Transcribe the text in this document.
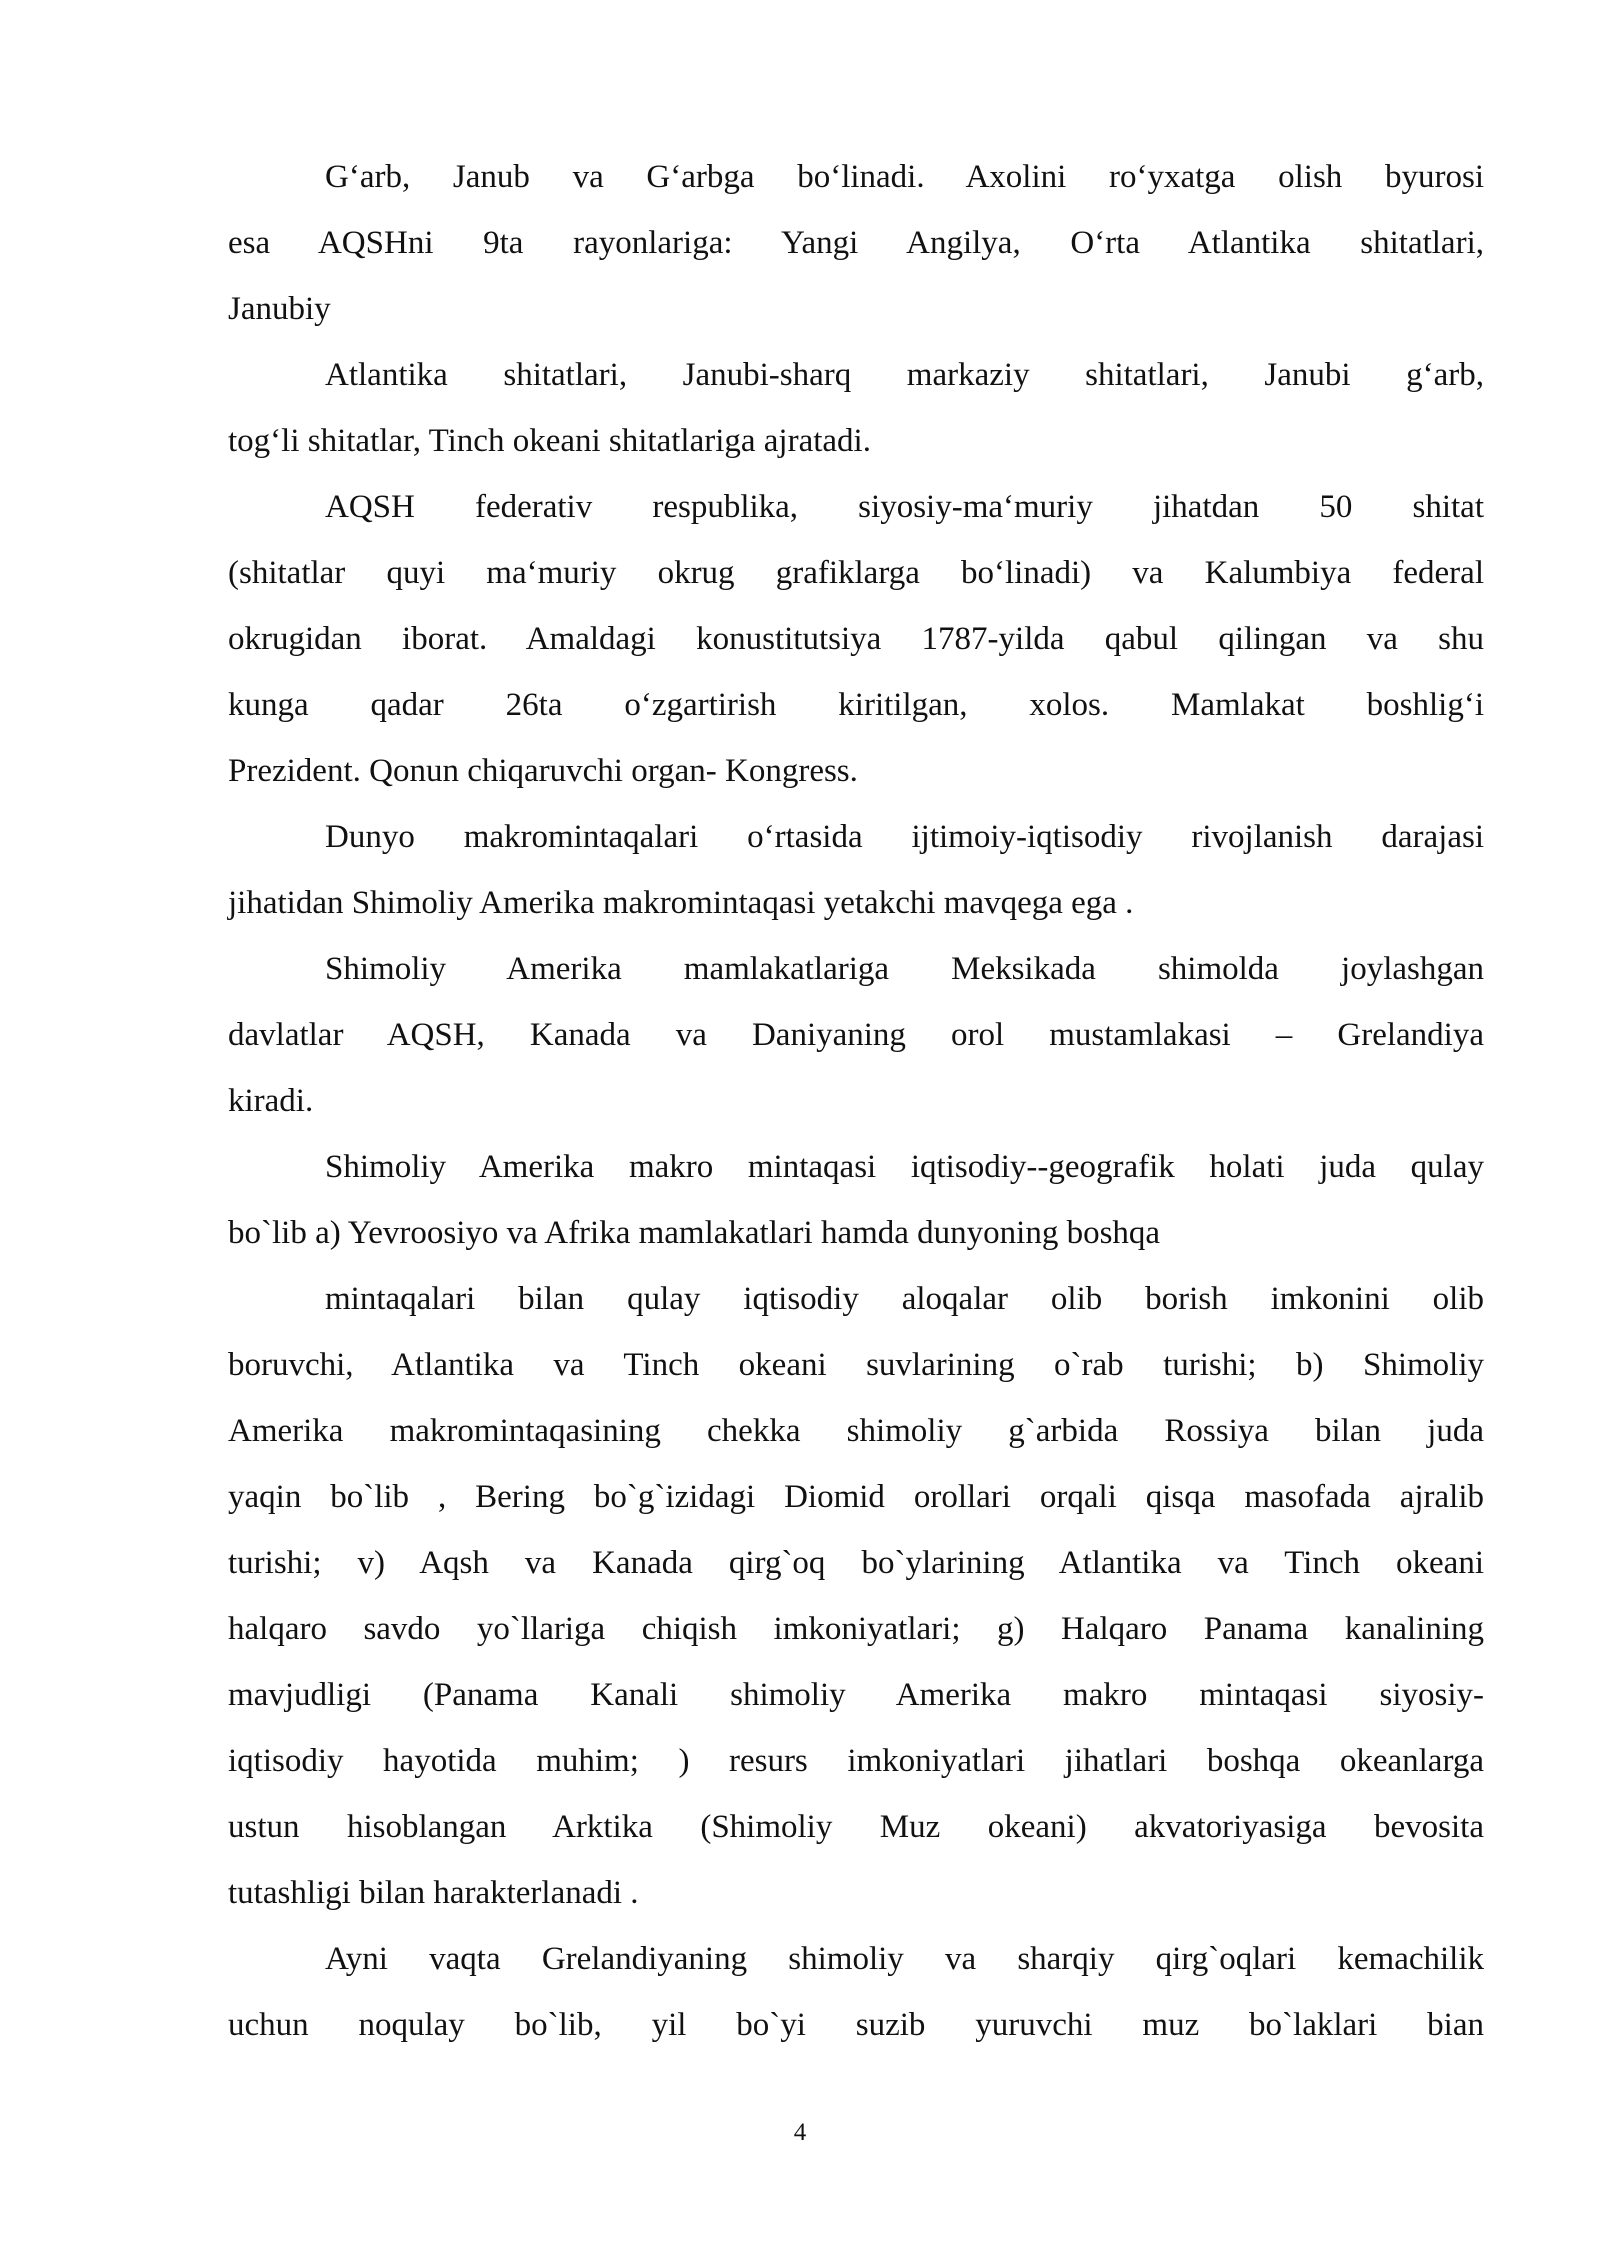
G‘arb, Janub va G‘arbga bo‘linadi. Axolini ro‘yxatga olish byurosi
esa AQSHni 9ta rayonlariga: Yangi Angilya, O‘rta Atlantika shitatlari,
Janubiy
Atlantika shitatlari, Janubi-sharq markaziy shitatlari, Janubi g‘arb,
tog‘li shitatlar, Tinch okeani shitatlariga ajratadi.
AQSH federativ respublika, siyosiy-ma‘muriy jihatdan 50 shitat
(shitatlar quyi ma‘muriy okrug grafiklarga bo‘linadi) va Kalumbiya federal
okrugidan iborat. Amaldagi konustitutsiya 1787-yilda qabul qilingan va shu
kunga qadar 26ta o‘zgartirish kiritilgan, xolos. Mamlakat boshlig‘i
Prezident. Qonun chiqaruvchi organ- Kongress.
Dunyo makromintaqalari o‘rtasida ijtimoiy-iqtisodiy rivojlanish darajasi
jihatidan Shimoliy Amerika makromintaqasi yetakchi mavqega ega .
Shimoliy Amerika mamlakatlariga Meksikada shimolda joylashgan
davlatlar AQSH, Kanada va Daniyaning orol mustamlakasi – Grelandiya
kiradi.
Shimoliy Amerika makro mintaqasi iqtisodiy--geografik holati juda qulay
bo`lib a) Yevroosiyo va Afrika mamlakatlari hamda dunyoning boshqa
mintaqalari bilan qulay iqtisodiy aloqalar olib borish imkonini olib
boruvchi, Atlantika va Tinch okeani suvlarining o`rab turishi; b) Shimoliy
Amerika makromintaqasining chekka shimoliy g`arbida Rossiya bilan juda
yaqin bo`lib , Bering bo`g`izidagi Diomid orollari orqali qisqa masofada ajralib
turishi; v) Aqsh va Kanada qirg`oq bo`ylarining Atlantika va Tinch okeani
halqaro savdo yo`llariga chiqish imkoniyatlari; g) Halqaro Panama kanalining
mavjudligi (Panama Kanali shimoliy Amerika makro mintaqasi siyosiy-
iqtisodiy hayotida muhim; ) resurs imkoniyatlari jihatlari boshqa okeanlarga
ustun hisoblangan Arktika (Shimoliy Muz okeani) akvatoriyasiga bevosita
tutashligi bilan harakterlanadi .
Ayni vaqta Grelandiyaning shimoliy va sharqiy qirg`oqlari kemachilik
uchun noqulay bo`lib, yil bo`yi suzib yuruvchi muz bo`laklari bian
4
